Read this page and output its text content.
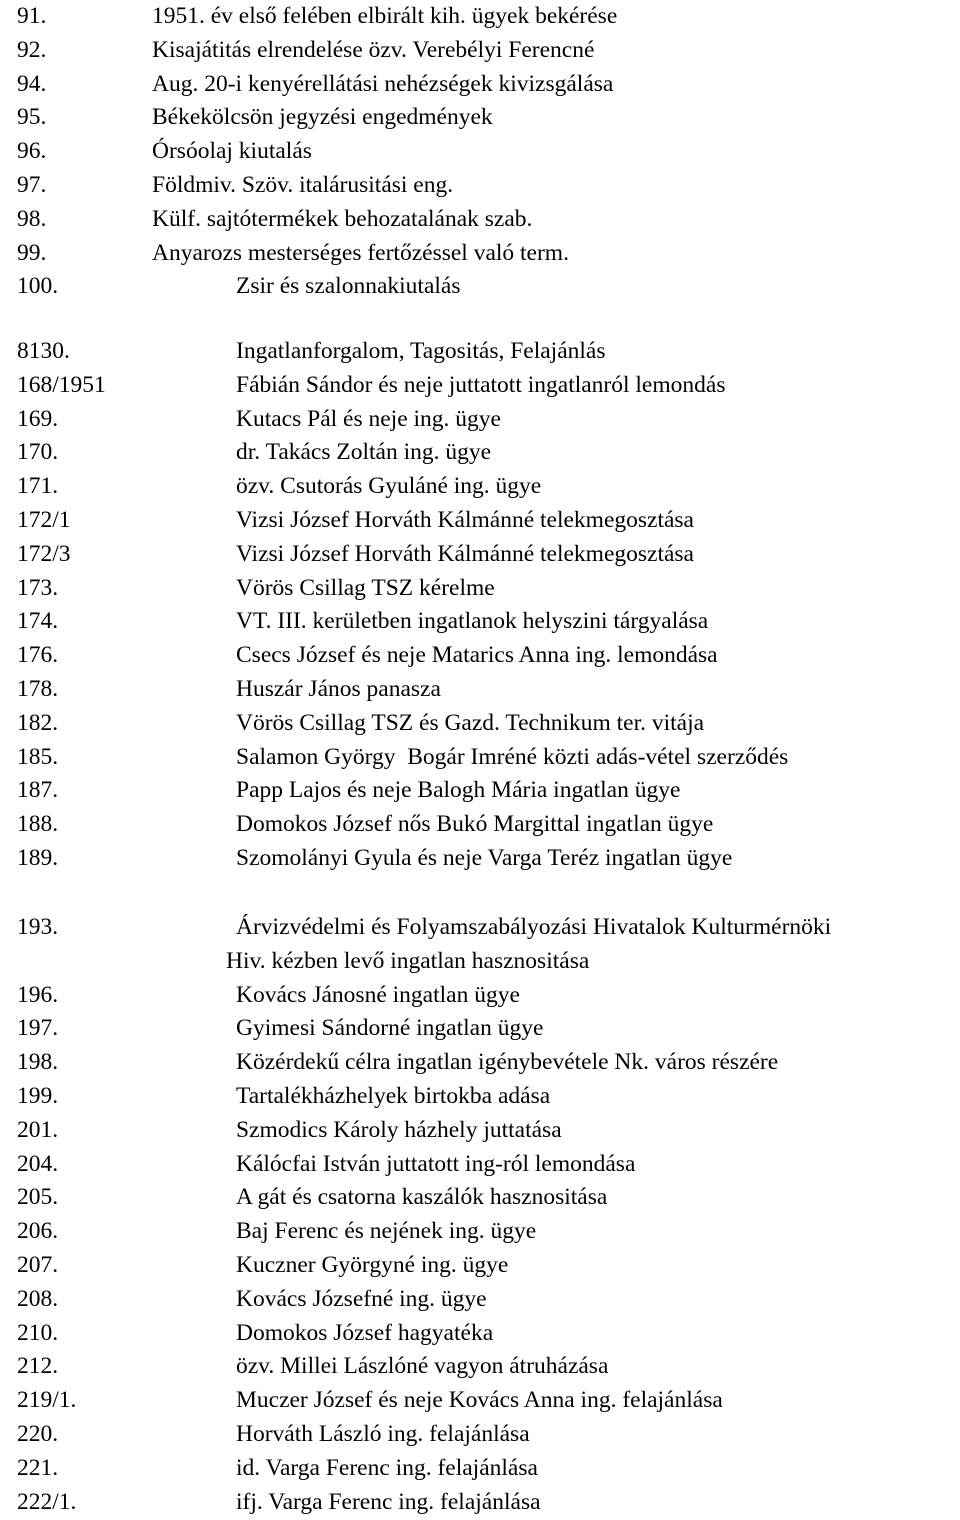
91.	1951. év első felében elbirált kih. ügyek bekérése
92.	Kisajátitás elrendelése özv. Verebélyi Ferencné
94.	Aug. 20-i kenyérellátási nehézségek kivizsgálása
95.	Békekölcsön jegyzési engedmények
96.	Órsóolaj kiutalás
97.	Földmiv. Szöv. italárusitási eng.
98.	Külf. sajtótermékek behozatalának szab.
99.	Anyarozs mesterséges fertőzéssel való term.
100.	Zsir és szalonnakiutalás
8130.	Ingatlanforgalom, Tagositás, Felajánlás
168/1951	Fábián Sándor és neje juttatott ingatlanról lemondás
169.	Kutacs Pál és neje ing. ügye
170.	dr. Takács Zoltán ing. ügye
171.	özv. Csutorás Gyuláné ing. ügye
172/1	Vizsi József Horváth Kálmánné telekmegosztása
172/3	Vizsi József Horváth Kálmánné telekmegosztása
173.	Vörös Csillag TSZ kérelme
174.	VT. III. kerületben ingatlanok helyszini tárgyalása
176.	Csecs József és neje Matarics Anna ing. lemondása
178.	Huszár János panasza
182.	Vörös Csillag TSZ és Gazd. Technikum ter. vitája
185.	Salamon György  Bogár Imréné közti adás-vétel szerződés
187.	Papp Lajos és neje Balogh Mária ingatlan ügye
188.	Domokos József nős Bukó Margittal ingatlan ügye
189.	Szomolányi Gyula és neje Varga Teréz ingatlan ügye
193.	Árvizvédelmi és Folyamszabályozási Hivatalok Kulturmérnöki
Hiv. kézben levő ingatlan hasznositása
196.	Kovács Jánosné ingatlan ügye
197.	Gyimesi Sándorné ingatlan ügye
198.	Közérdekű célra ingatlan igénybevétele Nk. város részére
199.	Tartalékházhelyek birtokba adása
201.	Szmodics Károly házhely juttatása
204.	Kálócfai István juttatott ing-ról lemondása
205.	A gát és csatorna kaszálók hasznositása
206.	Baj Ferenc és nejének ing. ügye
207.	Kuczner Györgyné ing. ügye
208.	Kovács Józsefné ing. ügye
210.	Domokos József hagyatéka
212.	özv. Millei Lászlóné vagyon átruházása
219/1.	Muczer József és neje Kovács Anna ing. felajánlása
220.	Horváth László ing. felajánlása
221.	id. Varga Ferenc ing. felajánlása
222/1.	ifj. Varga Ferenc ing. felajánlása
